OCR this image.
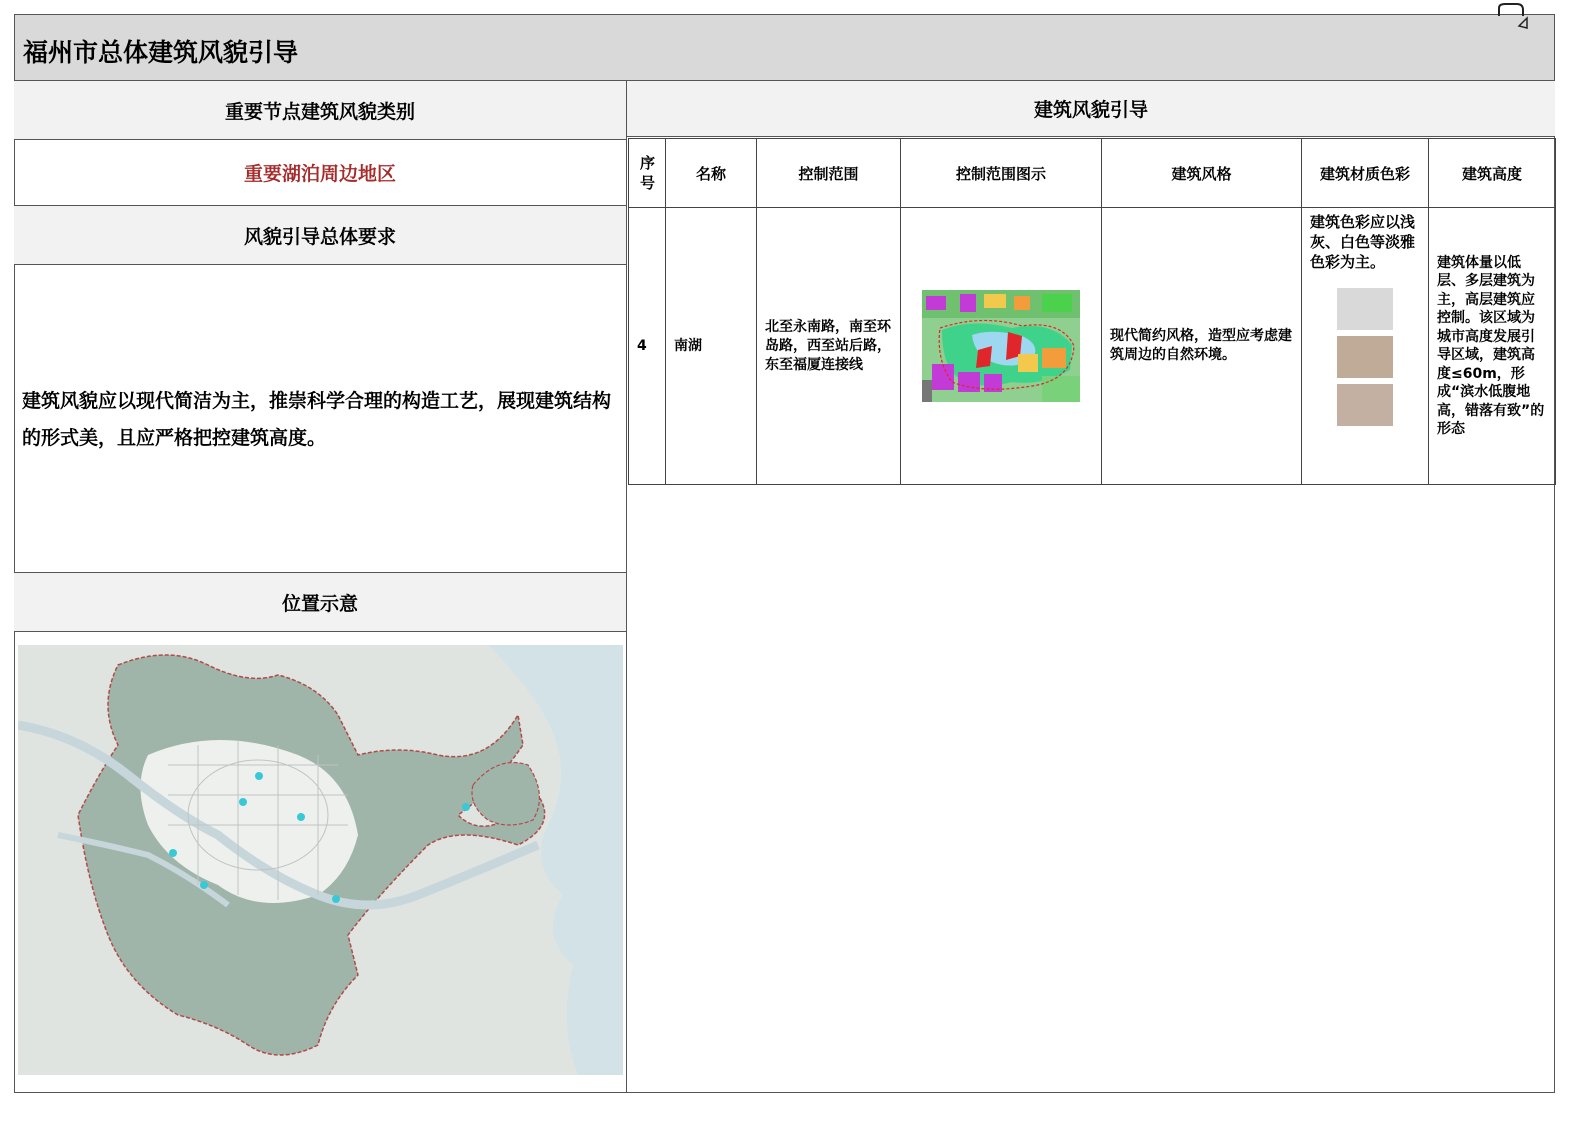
福州市总体建筑风貌引导
重要节点建筑风貌类别
重要湖泊周边地区
风貌引导总体要求
建筑风貌应以现代简洁为主，推崇科学合理的构造工艺，展现建筑结构的形式美，且应严格把控建筑高度。
位置示意
建筑风貌引导
序号	名称	控制范围	控制范围图示	建筑风格	建筑材质色彩	建筑高度
4	南湖	北至永南路，南至环岛路，西至站后路，东至福厦连接线		现代简约风格，造型应考虑建筑周边的自然环境。	建筑色彩应以浅灰、白色等淡雅色彩为主。	建筑体量以低层、多层建筑为主，高层建筑应控制。该区域为城市高度发展引导区域，建筑高度≤60m，形成“滨水低腹地高，错落有致”的形态
